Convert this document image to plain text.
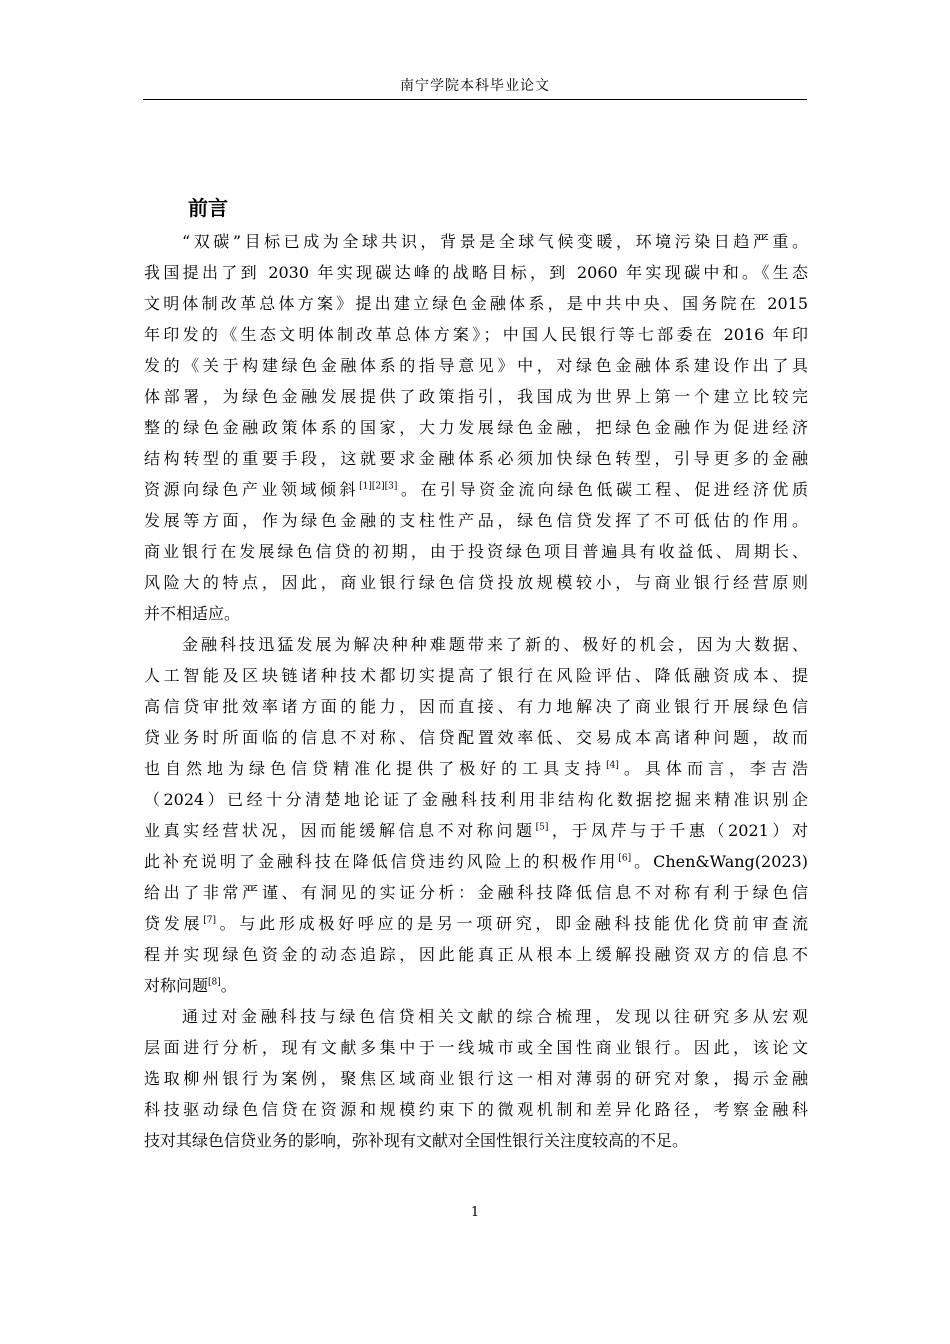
南宁学院本科毕业论文
前言
“双碳”目标已成为全球共识，背景是全球气候变暖，环境污染日趋严重。
我国提出了到 2030 年实现碳达峰的战略目标，到 2060 年实现碳中和。《生态
文明体制改革总体方案》提出建立绿色金融体系，是中共中央、国务院在 2015
年印发的《生态文明体制改革总体方案》；中国人民银行等七部委在 2016 年印
发的《关于构建绿色金融体系的指导意见》中，对绿色金融体系建设作出了具
体部署，为绿色金融发展提供了政策指引，我国成为世界上第一个建立比较完
整的绿色金融政策体系的国家，大力发展绿色金融，把绿色金融作为促进经济
结构转型的重要手段，这就要求金融体系必须加快绿色转型，引导更多的金融
资源向绿色产业领域倾斜[1][2][3]。在引导资金流向绿色低碳工程、促进经济优质
发展等方面，作为绿色金融的支柱性产品，绿色信贷发挥了不可低估的作用。
商业银行在发展绿色信贷的初期，由于投资绿色项目普遍具有收益低、周期长、
风险大的特点，因此，商业银行绿色信贷投放规模较小，与商业银行经营原则
并不相适应。
金融科技迅猛发展为解决种种难题带来了新的、极好的机会，因为大数据、
人工智能及区块链诸种技术都切实提高了银行在风险评估、降低融资成本、提
高信贷审批效率诸方面的能力，因而直接、有力地解决了商业银行开展绿色信
贷业务时所面临的信息不对称、信贷配置效率低、交易成本高诸种问题，故而
也自然地为绿色信贷精准化提供了极好的工具支持[4]。具体而言，李吉浩
（2024）已经十分清楚地论证了金融科技利用非结构化数据挖掘来精准识别企
业真实经营状况，因而能缓解信息不对称问题[5]，于凤芹与于千惠（2021）对
此补充说明了金融科技在降低信贷违约风险上的积极作用[6]。Chen&Wang(2023)
给出了非常严谨、有洞见的实证分析：金融科技降低信息不对称有利于绿色信
贷发展[7]。与此形成极好呼应的是另一项研究，即金融科技能优化贷前审查流
程并实现绿色资金的动态追踪，因此能真正从根本上缓解投融资双方的信息不
对称问题[8]。
通过对金融科技与绿色信贷相关文献的综合梳理，发现以往研究多从宏观
层面进行分析，现有文献多集中于一线城市或全国性商业银行。因此，该论文
选取柳州银行为案例，聚焦区域商业银行这一相对薄弱的研究对象，揭示金融
科技驱动绿色信贷在资源和规模约束下的微观机制和差异化路径，考察金融科
技对其绿色信贷业务的影响，弥补现有文献对全国性银行关注度较高的不足。
1
